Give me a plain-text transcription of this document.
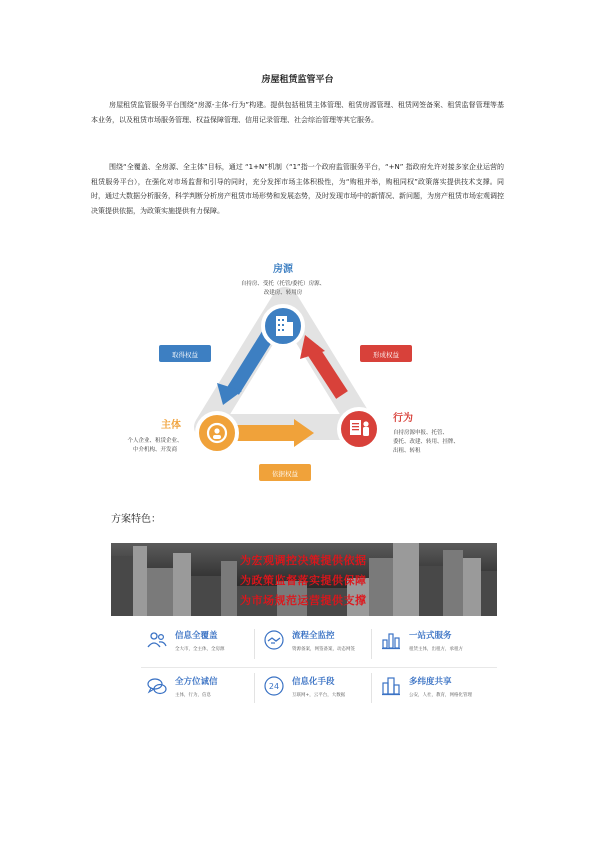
房屋租赁监管平台

房屋租赁监管服务平台围绕“房源-主体-行为”构建。提供包括租赁主体管理、租赁房源管理、租赁网签备案、租赁监督管理等基本业务，以及租赁市场服务管理、权益保障管理、信用记录管理、社会综治管理等其它服务。

围绕“全覆盖、全房源、全主体”目标，通过 “1+N”机制（“1”指一个政府监管服务平台，“+N” 指政府允许对接多家企业运营的租赁服务平台），在强化对市场监督和引导的同时，充分发挥市场主体积极性，为“购租并举，购租同权”政策落实提供技术支撑。同时，通过大数据分析服务，科学判断分析房产租赁市场形势和发展态势，及时发现市场中的新情况、新问题，为房产租赁市场宏观调控决策提供依据，为政策实施提供有力保障。

房源
自持房、受托（托管/委托）房源、
改建房、转用房
主体
个人企业、租赁企业、
中介机构、开发商
行为
自持房源申报、托管、
委托、改建、转用、挂牌、
出租、转租
取得权益	形成权益
依据权益
方案特色：
为宏观调控决策提供依据
为政策监督落实提供保障
为市场规范运营提供支撑
信息全覆盖
全大市，全主体，全房源
流程全监控
资源备案，网签备案，动态网签
一站式服务
租赁主体，出租方，承租方
全方位诚信
主体，行为，信息
24 信息化手段
互联网+，云平台，大数据
多纬度共享
公安，人社，教育，网格化管理
